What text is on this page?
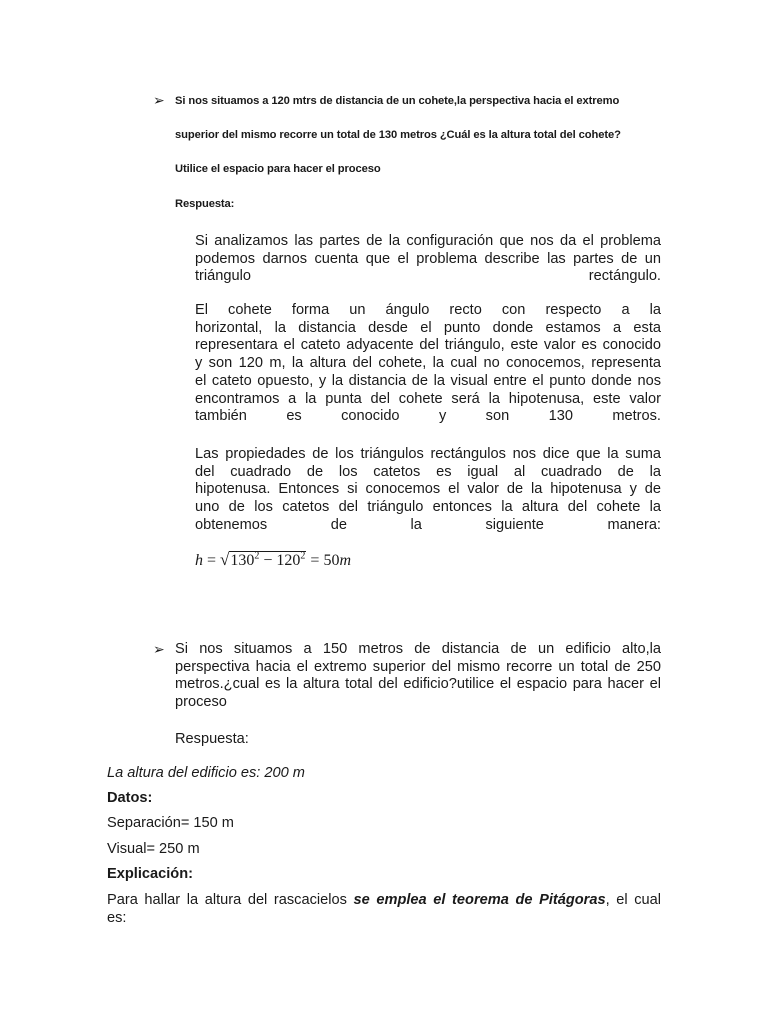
➢ Si nos situamos a 120 mtrs de distancia de un cohete,la perspectiva hacia el extremo
superior del mismo recorre un total de 130 metros ¿Cuál es la altura total del cohete?
Utilice el espacio para hacer el proceso
Respuesta:
Si analizamos las partes de la configuración que nos da el problema
podemos darnos cuenta que el problema describe las partes de un
triángulo rectángulo.
El cohete forma un ángulo recto con respecto a la
horizontal, la distancia desde el punto donde estamos a esta
representara el cateto adyacente del triángulo, este valor es conocido
y son 120 m, la altura del cohete, la cual no conocemos, representa
el cateto opuesto, y la distancia de la visual entre el punto donde nos
encontramos a la punta del cohete será la hipotenusa, este valor
también es conocido y son 130 metros.
Las propiedades de los triángulos rectángulos nos dice que la suma
del cuadrado de los catetos es igual al cuadrado de la
hipotenusa. Entonces si conocemos el valor de la hipotenusa y de
uno de los catetos del triángulo entonces la altura del cohete la
obtenemos de la siguiente manera:
$h = √130^2 - 120^2 = 50m$
➢ Si nos situamos a 150 metros de distancia de un edificio alto,la
perspectiva hacia el extremo superior del mismo recorre un total de 250
metros.¿cual es la altura total del edificio?utilice el espacio para hacer el
proceso
Respuesta:
La altura del edificio es: 200 m
Datos:
Separación= 150 m
Visual= 250 m
Explicación:
Para hallar la altura del rascacielos se emplea el teorema de Pitágoras, el cual
es:
